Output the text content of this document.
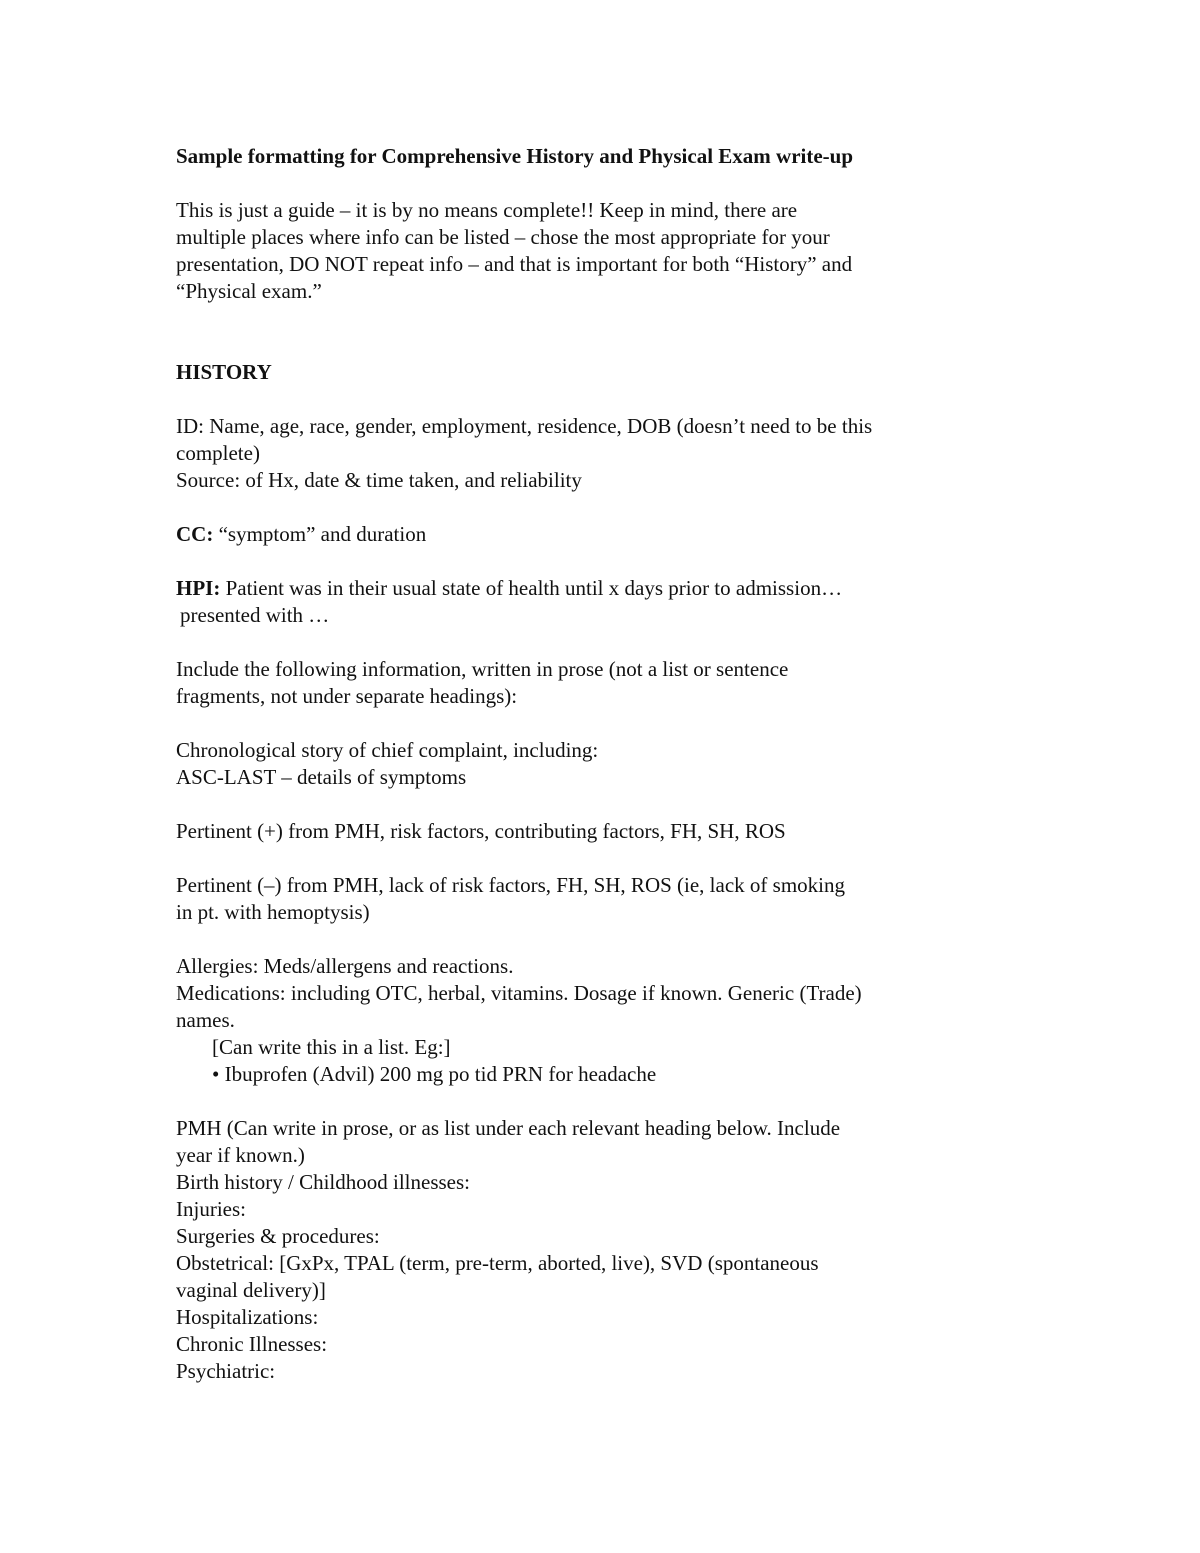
Sample formatting for Comprehensive History and Physical Exam write-up
This is just a guide – it is by no means complete!! Keep in mind, there are
multiple places where info can be listed – chose the most appropriate for your
presentation, DO NOT repeat info – and that is important for both “History” and
“Physical exam.”
HISTORY
ID: Name, age, race, gender, employment, residence, DOB (doesn’t need to be this
complete)
Source: of Hx, date & time taken, and reliability
CC: “symptom” and duration
HPI: Patient was in their usual state of health until x days prior to admission…
presented with …
Include the following information, written in prose (not a list or sentence
fragments, not under separate headings):
Chronological story of chief complaint, including:
ASC-LAST – details of symptoms
Pertinent (+) from PMH, risk factors, contributing factors, FH, SH, ROS
Pertinent (–) from PMH, lack of risk factors, FH, SH, ROS (ie, lack of smoking
in pt. with hemoptysis)
Allergies: Meds/allergens and reactions.
Medications: including OTC, herbal, vitamins. Dosage if known. Generic (Trade)
names.
[Can write this in a list. Eg:]
• Ibuprofen (Advil) 200 mg po tid PRN for headache
PMH (Can write in prose, or as list under each relevant heading below. Include
year if known.)
Birth history / Childhood illnesses:
Injuries:
Surgeries & procedures:
Obstetrical: [GxPx, TPAL (term, pre-term, aborted, live), SVD (spontaneous
vaginal delivery)]
Hospitalizations:
Chronic Illnesses:
Psychiatric:
